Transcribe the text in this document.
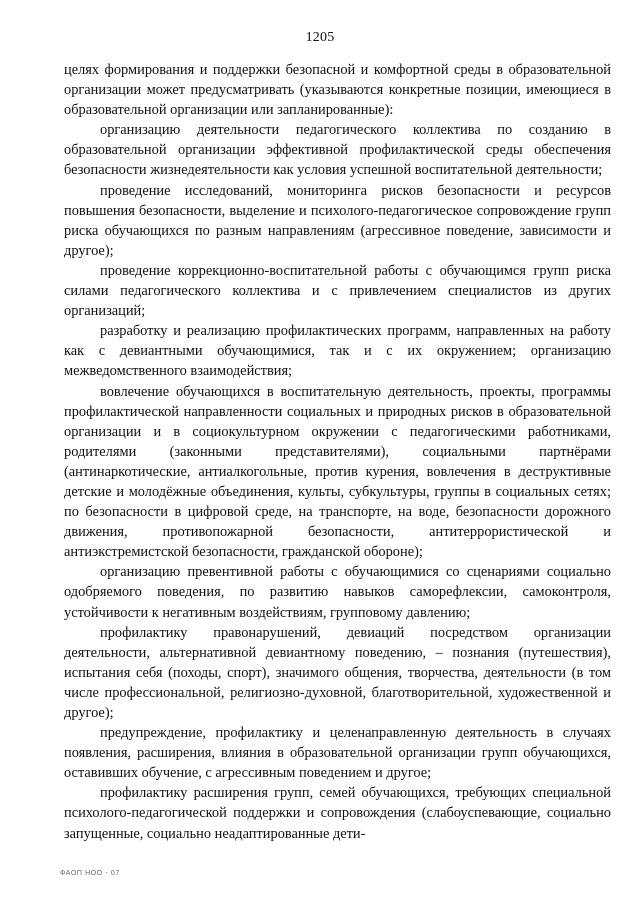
1205

целях формирования и поддержки безопасной и комфортной среды в образовательной организации может предусматривать (указываются конкретные позиции, имеющиеся в образовательной организации или запланированные):

организацию деятельности педагогического коллектива по созданию в образовательной организации эффективной профилактической среды обеспечения безопасности жизнедеятельности как условия успешной воспитательной деятельности;

проведение исследований, мониторинга рисков безопасности и ресурсов повышения безопасности, выделение и психолого-педагогическое сопровождение групп риска обучающихся по разным направлениям (агрессивное поведение, зависимости и другое);

проведение коррекционно-воспитательной работы с обучающимся групп риска силами педагогического коллектива и с привлечением специалистов из других организаций;

разработку и реализацию профилактических программ, направленных на работу как с девиантными обучающимися, так и с их окружением; организацию межведомственного взаимодействия;

вовлечение обучающихся в воспитательную деятельность, проекты, программы профилактической направленности социальных и природных рисков в образовательной организации и в социокультурном окружении с педагогическими работниками, родителями (законными представителями), социальными партнёрами (антинаркотические, антиалкогольные, против курения, вовлечения в деструктивные детские и молодёжные объединения, культы, субкультуры, группы в социальных сетях; по безопасности в цифровой среде, на транспорте, на воде, безопасности дорожного движения, противопожарной безопасности, антитеррористической и антиэкстремистской безопасности, гражданской обороне);

организацию превентивной работы с обучающимися со сценариями социально одобряемого поведения, по развитию навыков саморефлексии, самоконтроля, устойчивости к негативным воздействиям, групповому давлению;

профилактику правонарушений, девиаций посредством организации деятельности, альтернативной девиантному поведению, – познания (путешествия), испытания себя (походы, спорт), значимого общения, творчества, деятельности (в том числе профессиональной, религиозно-духовной, благотворительной, художественной и другое);

предупреждение, профилактику и целенаправленную деятельность в случаях появления, расширения, влияния в образовательной организации групп обучающихся, оставивших обучение, с агрессивным поведением и другое;

профилактику расширения групп, семей обучающихся, требующих специальной психолого-педагогической поддержки и сопровождения (слабоуспевающие, социально запущенные, социально неадаптированные дети-

ФАОП НОО - 07
